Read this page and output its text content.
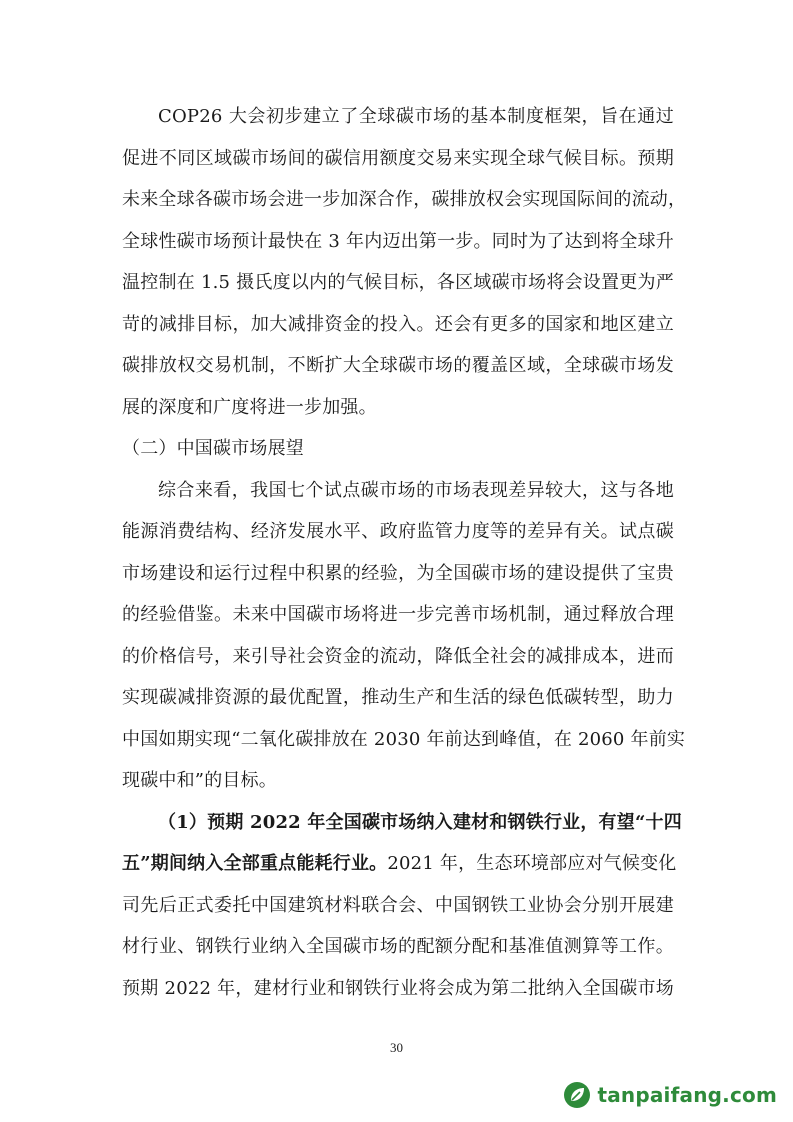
COP26 大会初步建立了全球碳市场的基本制度框架，旨在通过
促进不同区域碳市场间的碳信用额度交易来实现全球气候目标。预期
未来全球各碳市场会进一步加深合作，碳排放权会实现国际间的流动，
全球性碳市场预计最快在 3 年内迈出第一步。同时为了达到将全球升
温控制在 1.5 摄氏度以内的气候目标，各区域碳市场将会设置更为严
苛的减排目标，加大减排资金的投入。还会有更多的国家和地区建立
碳排放权交易机制，不断扩大全球碳市场的覆盖区域，全球碳市场发
展的深度和广度将进一步加强。
（二）中国碳市场展望
综合来看，我国七个试点碳市场的市场表现差异较大，这与各地
能源消费结构、经济发展水平、政府监管力度等的差异有关。试点碳
市场建设和运行过程中积累的经验，为全国碳市场的建设提供了宝贵
的经验借鉴。未来中国碳市场将进一步完善市场机制，通过释放合理
的价格信号，来引导社会资金的流动，降低全社会的减排成本，进而
实现碳减排资源的最优配置，推动生产和生活的绿色低碳转型，助力
中国如期实现“二氧化碳排放在 2030 年前达到峰值，在 2060 年前实
现碳中和”的目标。
（1）预期 2022 年全国碳市场纳入建材和钢铁行业，有望“十四
五”期间纳入全部重点能耗行业。2021 年，生态环境部应对气候变化
司先后正式委托中国建筑材料联合会、中国钢铁工业协会分别开展建
材行业、钢铁行业纳入全国碳市场的配额分配和基准值测算等工作。
预期 2022 年，建材行业和钢铁行业将会成为第二批纳入全国碳市场
30
tanpaifang.com
